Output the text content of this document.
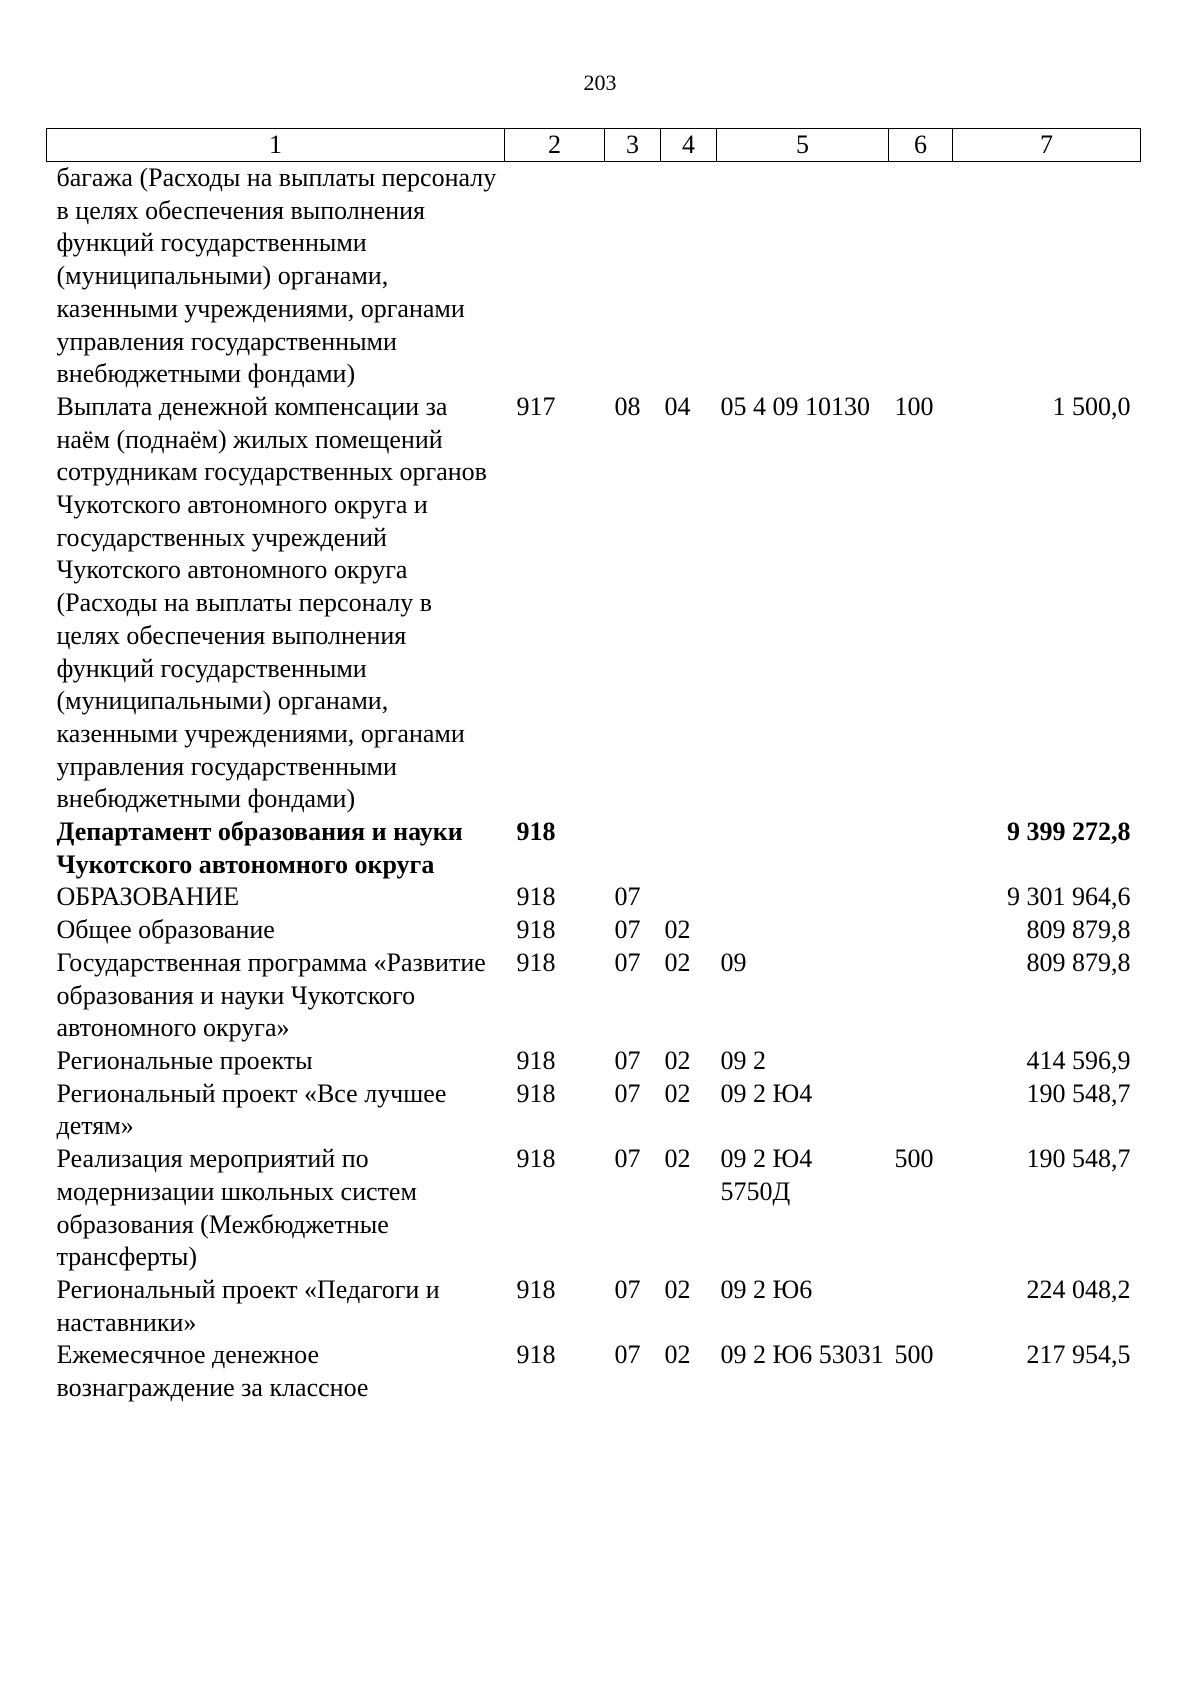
203
1	2	3	4	5	6	7
багажа (Расходы на выплаты персоналу в целях обеспечения выполнения функций государственными (муниципальными) органами, казенными учреждениями, органами управления государственными внебюджетными фондами)						
Выплата денежной компенсации за наём (поднаём) жилых помещений сотрудникам государственных органов Чукотского автономного округа и государственных учреждений Чукотского автономного округа (Расходы на выплаты персоналу в целях обеспечения выполнения функций государственными (муниципальными) органами, казенными учреждениями, органами управления государственными внебюджетными фондами)	917	08	04	05 4 09 10130	100	1 500,0
Департамент образования и науки Чукотского автономного округа	918					9 399 272,8
ОБРАЗОВАНИЕ	918	07				9 301 964,6
Общее образование	918	07	02			809 879,8
Государственная программа «Развитие образования и науки Чукотского автономного округа»	918	07	02	09		809 879,8
Региональные проекты	918	07	02	09 2		414 596,9
Региональный проект «Все лучшее детям»	918	07	02	09 2 Ю4		190 548,7
Реализация мероприятий по модернизации школьных систем образования (Межбюджетные трансферты)	918	07	02	09 2 Ю4 5750Д	500	190 548,7
Региональный проект «Педагоги и наставники»	918	07	02	09 2 Ю6		224 048,2
Ежемесячное денежное вознаграждение за классное	918	07	02	09 2 Ю6 53031	500	217 954,5
